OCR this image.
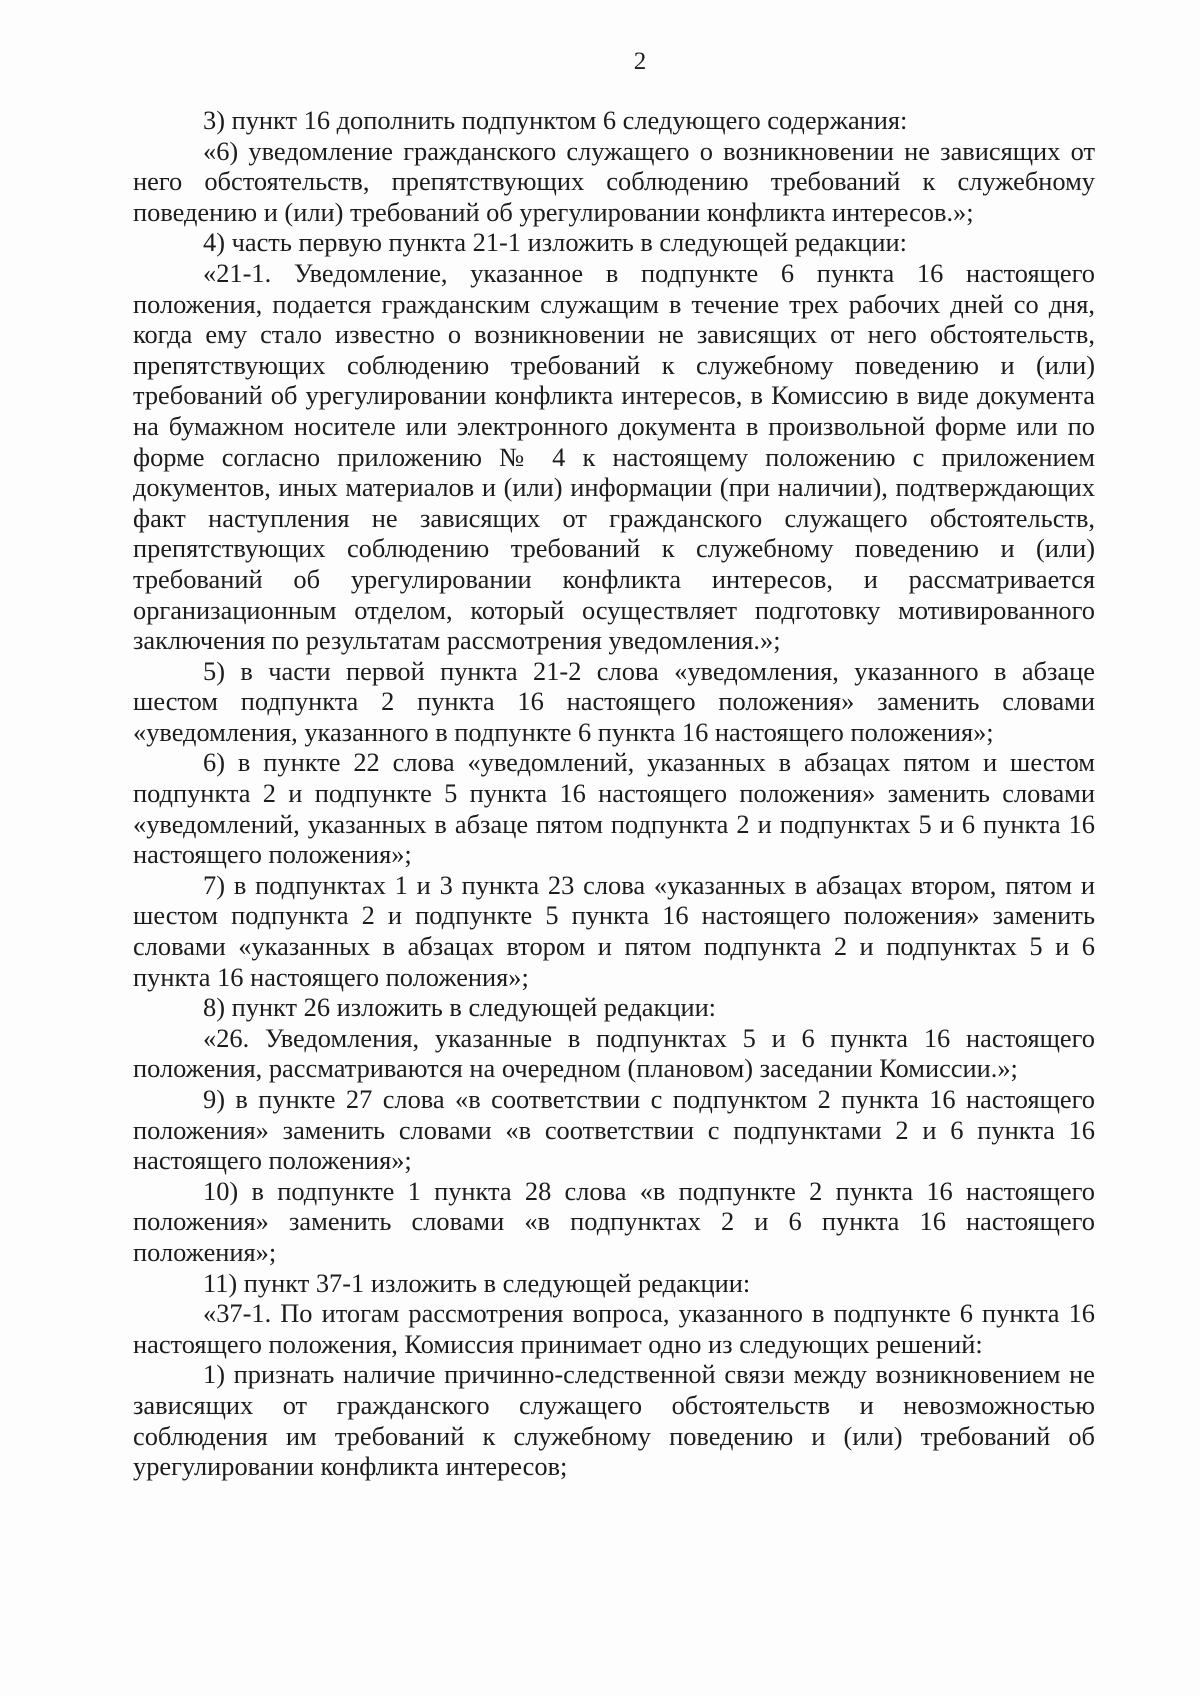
2

3) пункт 16 дополнить подпунктом 6 следующего содержания:

«6) уведомление гражданского служащего о возникновении не зависящих от него обстоятельств, препятствующих соблюдению требований к служебному поведению и (или) требований об урегулировании конфликта интересов.»;

4) часть первую пункта 21-1 изложить в следующей редакции:

«21-1. Уведомление, указанное в подпункте 6 пункта 16 настоящего положения, подается гражданским служащим в течение трех рабочих дней со дня, когда ему стало известно о возникновении не зависящих от него обстоятельств, препятствующих соблюдению требований к служебному поведению и (или) требований об урегулировании конфликта интересов, в Комиссию в виде документа на бумажном носителе или электронного документа в произвольной форме или по форме согласно приложению № 4 к настоящему положению с приложением документов, иных материалов и (или) информации (при наличии), подтверждающих факт наступления не зависящих от гражданского служащего обстоятельств, препятствующих соблюдению требований к служебному поведению и (или) требований об урегулировании конфликта интересов, и рассматривается организационным отделом, который осуществляет подготовку мотивированного заключения по результатам рассмотрения уведомления.»;

5) в части первой пункта 21-2 слова «уведомления, указанного в абзаце шестом подпункта 2 пункта 16 настоящего положения» заменить словами «уведомления, указанного в подпункте 6 пункта 16 настоящего положения»;

6) в пункте 22 слова «уведомлений, указанных в абзацах пятом и шестом подпункта 2 и подпункте 5 пункта 16 настоящего положения» заменить словами «уведомлений, указанных в абзаце пятом подпункта 2 и подпунктах 5 и 6 пункта 16 настоящего положения»;

7) в подпунктах 1 и 3 пункта 23 слова «указанных в абзацах втором, пятом и шестом подпункта 2 и подпункте 5 пункта 16 настоящего положения» заменить словами «указанных в абзацах втором и пятом подпункта 2 и подпунктах 5 и 6 пункта 16 настоящего положения»;

8) пункт 26 изложить в следующей редакции:

«26. Уведомления, указанные в подпунктах 5 и 6 пункта 16 настоящего положения, рассматриваются на очередном (плановом) заседании Комиссии.»;

9) в пункте 27 слова «в соответствии с подпунктом 2 пункта 16 настоящего положения» заменить словами «в соответствии с подпунктами 2 и 6 пункта 16 настоящего положения»;

10) в подпункте 1 пункта 28 слова «в подпункте 2 пункта 16 настоящего положения» заменить словами «в подпунктах 2 и 6 пункта 16 настоящего положения»;

11) пункт 37-1 изложить в следующей редакции:

«37-1. По итогам рассмотрения вопроса, указанного в подпункте 6 пункта 16 настоящего положения, Комиссия принимает одно из следующих решений:

1) признать наличие причинно-следственной связи между возникновением не зависящих от гражданского служащего обстоятельств и невозможностью соблюдения им требований к служебному поведению и (или) требований об урегулировании конфликта интересов;
